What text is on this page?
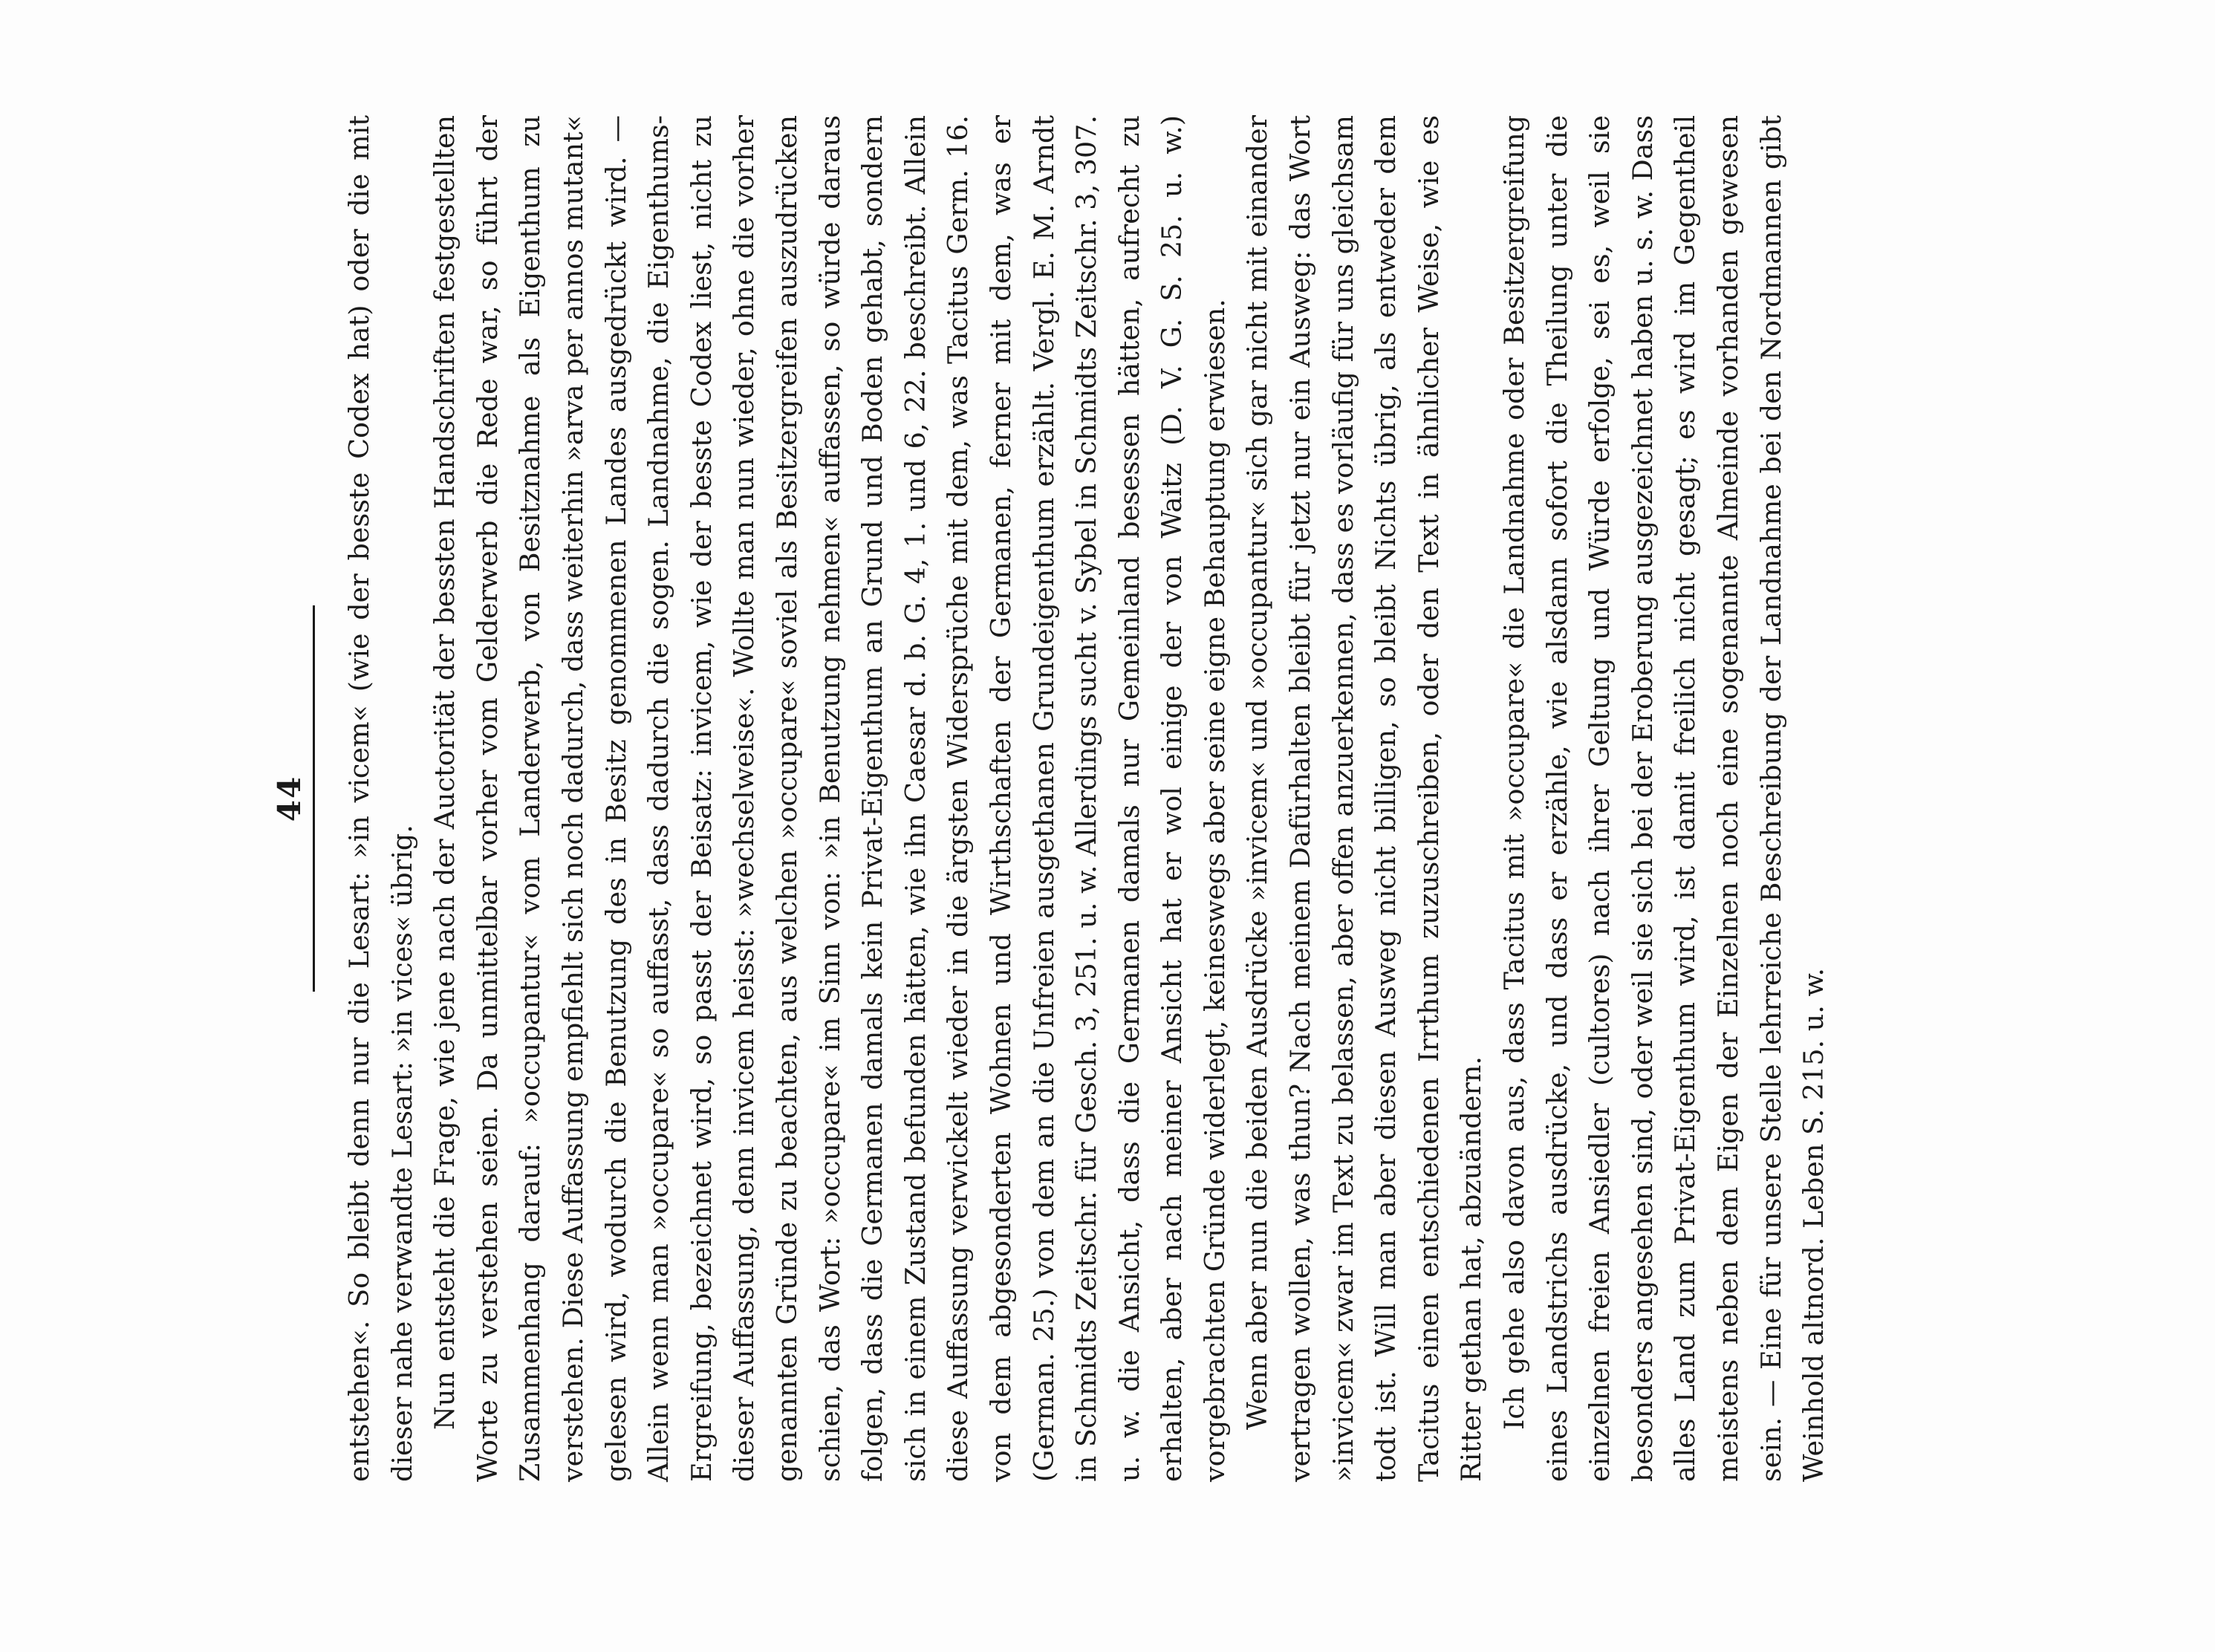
44 entstehen«. So bleibt denn nur die Lesart: »in vicem« (wie der besste Codex hat) oder die mit dieser nahe verwandte Lesart: »in vices« übrig. Nun entsteht die Frage, wie jene nach der Auctorität der bessten Handschriften festgestellten Worte zu verstehen seien. Da unmittelbar vorher vom Gelderwerb die Rede war, so führt der Zusammenhang darauf: »occupantur« vom Landerwerb, von Besitznahme als Eigenthum zu verstehen. Diese Auffassung empfiehlt sich noch dadurch, dass weiterhin »arva per annos mutant« gelesen wird, wodurch die Benutzung des in Besitz genommenen Landes ausgedrückt wird. — Allein wenn man »occupare« so auffasst, dass dadurch die sogen. Landnahme, die Eigenthums-Ergreifung, bezeichnet wird, so passt der Beisatz: invicem, wie der besste Codex liest, nicht zu dieser Auffassung, denn invicem heisst: »wechselweise«. Wollte man nun wieder, ohne die vorher genannten Gründe zu beachten, aus welchen »occupare« soviel als Besitzergreifen auszudrücken schien, das Wort: »occupare« im Sinn von: »in Benutzung nehmen« auffassen, so würde daraus folgen, dass die Germanen damals kein Privat-Eigenthum an Grund und Boden gehabt, sondern sich in einem Zustand befunden hätten, wie ihn Caesar d. b. G. 4, 1. und 6, 22. beschreibt. Allein diese Auffassung verwickelt wieder in die ärgsten Widersprüche mit dem, was Tacitus Germ. 16. von dem abgesonderten Wohnen und Wirthschaften der Germanen, ferner mit dem, was er (German. 25.) von dem an die Unfreien ausgethanen Grundeigenthum erzählt. Vergl. E. M. Arndt in Schmidts Zeitschr. für Gesch. 3, 251. u. w. Allerdings sucht v. Sybel in Schmidts Zeitschr. 3, 307. u. w. die Ansicht, dass die Germanen damals nur Gemeinland besessen hätten, aufrecht zu erhalten, aber nach meiner Ansicht hat er wol einige der von Waitz (D. V. G. S. 25. u. w.) vorgebrachten Gründe widerlegt, keineswegs aber seine eigne Behauptung erwiesen. Wenn aber nun die beiden Ausdrücke »invicem« und »occupantur« sich gar nicht mit einander vertragen wollen, was thun? Nach meinem Dafürhalten bleibt für jetzt nur ein Ausweg: das Wort »invicem« zwar im Text zu belassen, aber offen anzuerkennen, dass es vorläufig für uns gleichsam todt ist. Will man aber diesen Ausweg nicht billigen, so bleibt Nichts übrig, als entweder dem Tacitus einen entschiedenen Irrthum zuzuschreiben, oder den Text in ähnlicher Weise, wie es Ritter gethan hat, abzuändern. Ich gehe also davon aus, dass Tacitus mit »occupare« die Landnahme oder Besitzergreifung eines Landstrichs ausdrücke, und dass er erzähle, wie alsdann sofort die Theilung unter die einzelnen freien Ansiedler (cultores) nach ihrer Geltung und Würde erfolge, sei es, weil sie besonders angesehen sind, oder weil sie sich bei der Eroberung ausgezeichnet haben u. s. w. Dass alles Land zum Privat-Eigenthum wird, ist damit freilich nicht gesagt; es wird im Gegentheil meistens neben dem Eigen der Einzelnen noch eine sogenannte Almeinde vorhanden gewesen sein. — Eine für unsere Stelle lehrreiche Beschreibung der Landnahme bei den Nordmannen gibt Weinhold altnord. Leben S. 215. u. w.
